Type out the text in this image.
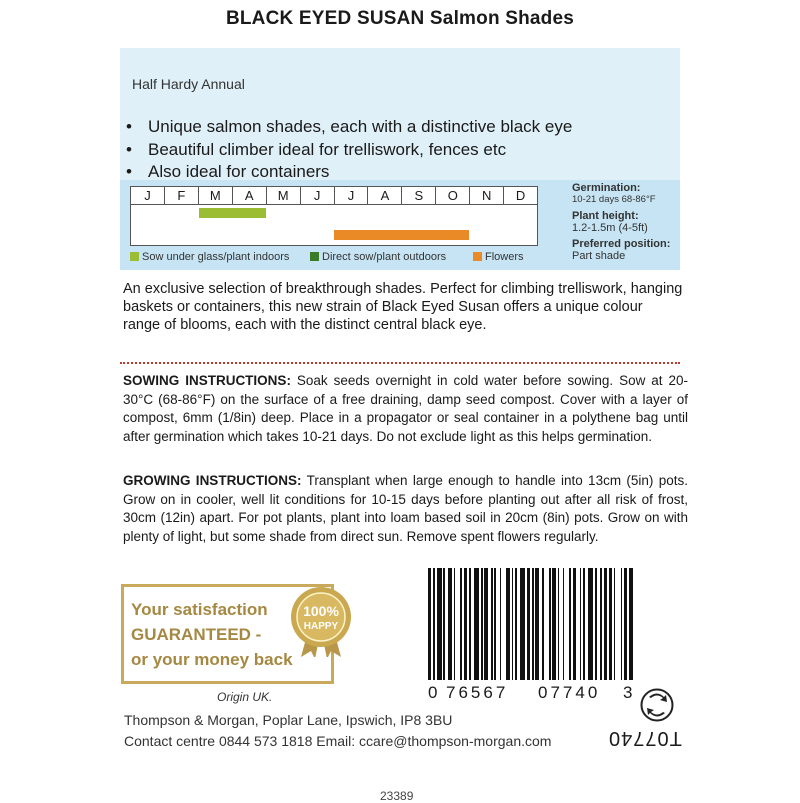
BLACK EYED SUSAN Salmon Shades
Half Hardy Annual
• Unique salmon shades, each with a distinctive black eye
• Beautiful climber ideal for trelliswork, fences etc
• Also ideal for containers
J	F	M	A	M	J	J	A	S	O	N	D
Sow under glass/plant indoors	Direct sow/plant outdoors	Flowers
Germination:
10-21 days 68-86°F
Plant height:
1.2-1.5m (4-5ft)
Preferred position:
Part shade
An exclusive selection of breakthrough shades. Perfect for climbing trelliswork, hanging baskets or containers, this new strain of Black Eyed Susan offers a unique colour range of blooms, each with the distinct central black eye.
SOWING INSTRUCTIONS: Soak seeds overnight in cold water before sowing. Sow at 20-30°C (68-86°F) on the surface of a free draining, damp seed compost. Cover with a layer of compost, 6mm (1/8in) deep. Place in a propagator or seal container in a polythene bag until after germination which takes 10-21 days. Do not exclude light as this helps germination.
GROWING INSTRUCTIONS: Transplant when large enough to handle into 13cm (5in) pots. Grow on in cooler, well lit conditions for 10-15 days before planting out after all risk of frost, 30cm (12in) apart. For pot plants, plant into loam based soil in 20cm (8in) pots. Grow on with plenty of light, but some shade from direct sun. Remove spent flowers regularly.
Your satisfaction
GUARANTEED -
or your money back
100%
HAPPY
0 76567 07740 3
Origin UK.
Thompson & Morgan, Poplar Lane, Ipswich, IP8 3BU
Contact centre 0844 573 1818 Email: ccare@thompson-morgan.com	T07740
23389
